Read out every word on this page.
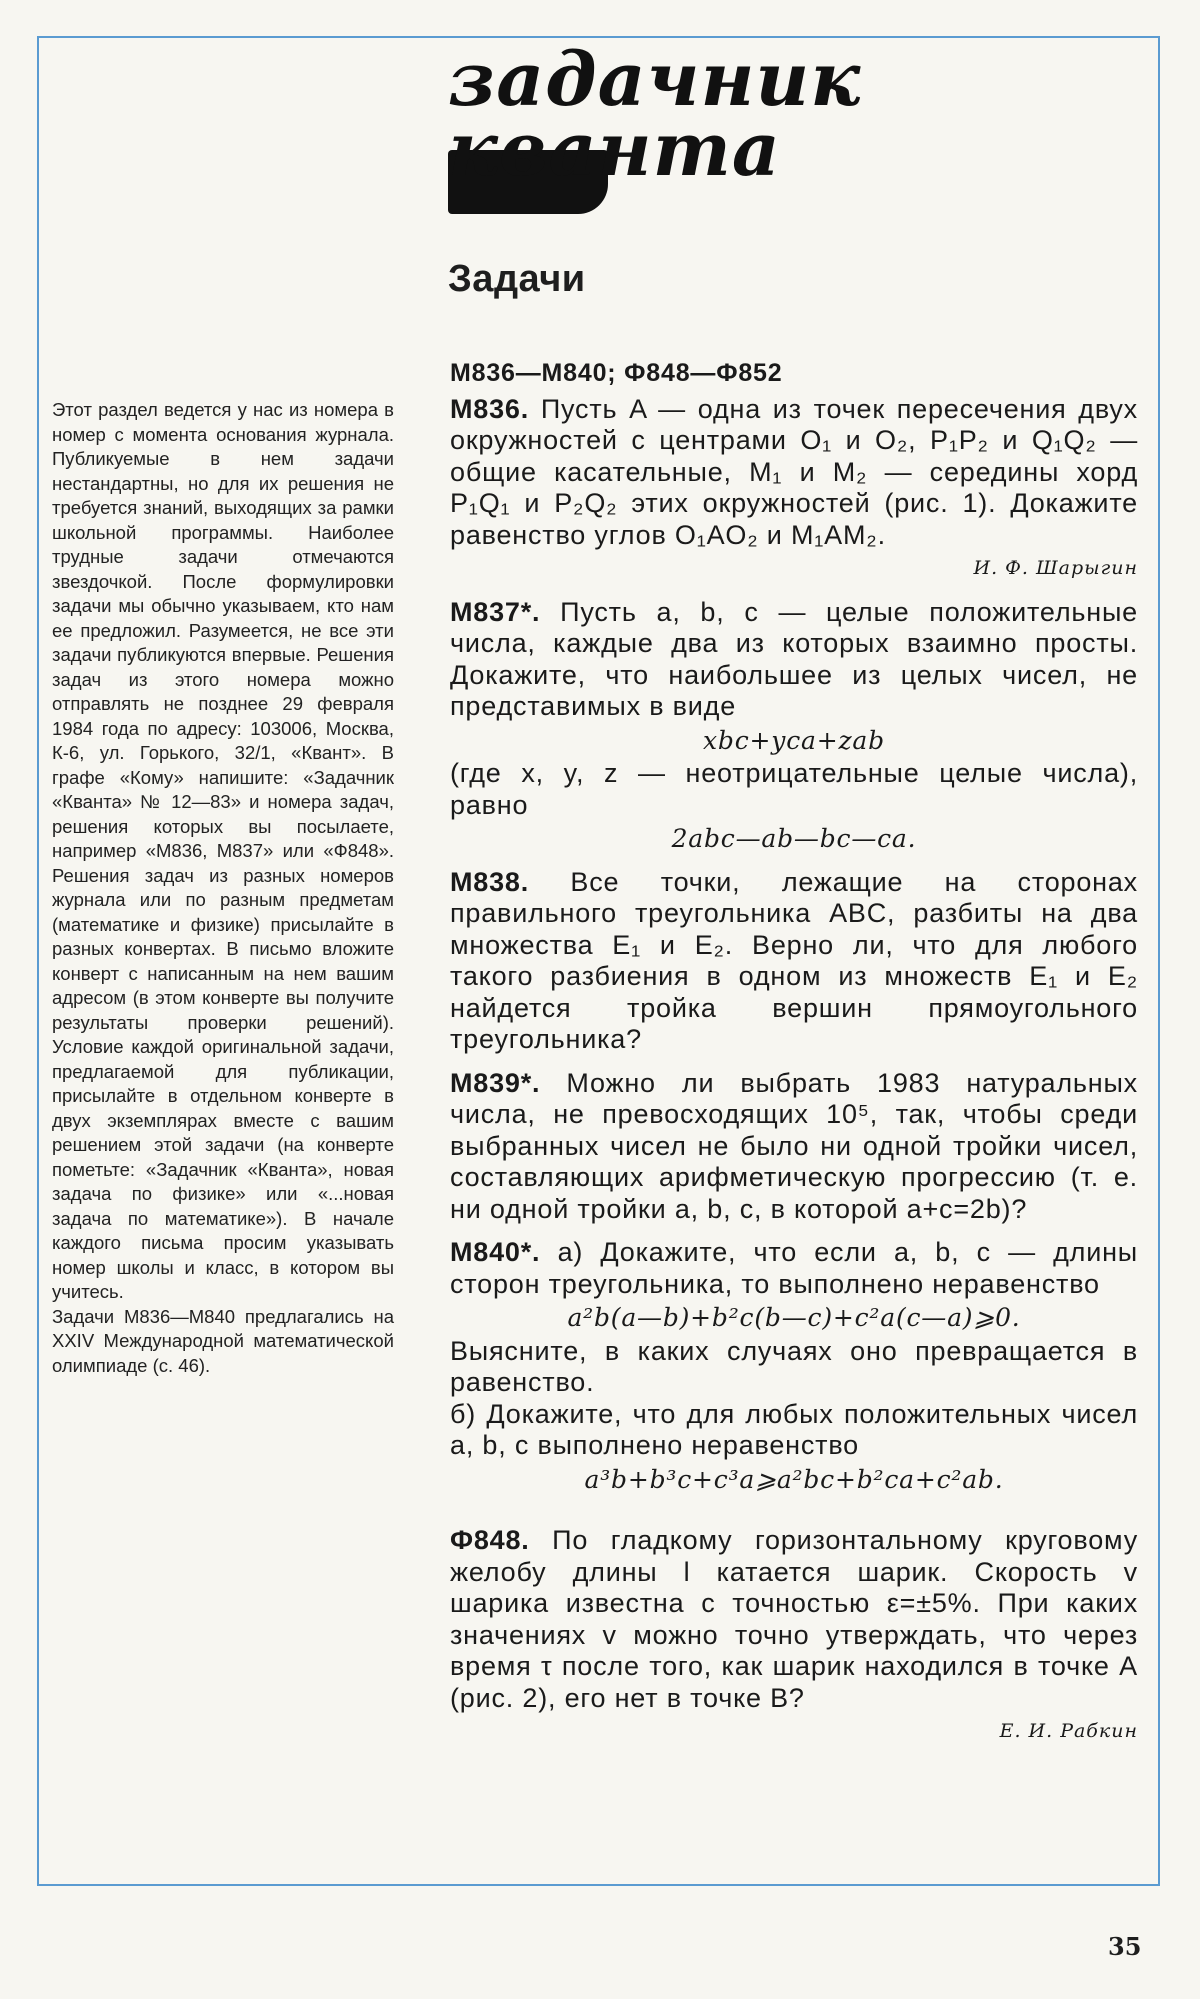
задачник
кванта
Задачи

Этот раздел ведется у нас из номера в номер с момента основания журнала. Публикуемые в нем задачи нестандартны, но для их решения не требуется знаний, выходящих за рамки школьной программы. Наиболее трудные задачи отмечаются звездочкой. После формулировки задачи мы обычно указываем, кто нам ее предложил. Разумеется, не все эти задачи публикуются впервые. Решения задач из этого номера можно отправлять не позднее 29 февраля 1984 года по адресу: 103006, Москва, К-6, ул. Горького, 32/1, «Квант». В графе «Кому» напишите: «Задачник «Кванта» № 12—83» и номера задач, решения которых вы посылаете, например «М836, М837» или «Ф848». Решения задач из разных номеров журнала или по разным предметам (математике и физике) присылайте в разных конвертах. В письмо вложите конверт с написанным на нем вашим адресом (в этом конверте вы получите результаты проверки решений). Условие каждой оригинальной задачи, предлагаемой для публикации, присылайте в отдельном конверте в двух экземплярах вместе с вашим решением этой задачи (на конверте пометьте: «Задачник «Кванта», новая задача по физике» или «...новая задача по математике»). В начале каждого письма просим указывать номер школы и класс, в котором вы учитесь.

Задачи М836—М840 предлагались на XXIV Международной математической олимпиаде (с. 46).

М836—М840; Ф848—Ф852
М836. Пусть A — одна из точек пересечения двух окружностей с центрами O₁ и O₂, P₁P₂ и Q₁Q₂ — общие касательные, M₁ и M₂ — середины хорд P₁Q₁ и P₂Q₂ этих окружностей (рис. 1). Докажите равенство углов O₁AO₂ и M₁AM₂.
И. Ф. Шарыгин
М837*. Пусть a, b, c — целые положительные числа, каждые два из которых взаимно просты. Докажите, что наибольшее из целых чисел, не представимых в виде
xbc+yca+zab
(где x, y, z — неотрицательные целые числа), равно
2abc—ab—bc—ca.
М838. Все точки, лежащие на сторонах правильного треугольника ABC, разбиты на два множества E₁ и E₂. Верно ли, что для любого такого разбиения в одном из множеств E₁ и E₂ найдется тройка вершин прямоугольного треугольника?
М839*. Можно ли выбрать 1983 натуральных числа, не превосходящих 10⁵, так, чтобы среди выбранных чисел не было ни одной тройки чисел, составляющих арифметическую прогрессию (т. е. ни одной тройки a, b, c, в которой a+c=2b)?
М840*. а) Докажите, что если a, b, c — длины сторон треугольника, то выполнено неравенство
a²b(a—b)+b²c(b—c)+c²a(c—a)⩾0.
Выясните, в каких случаях оно превращается в равенство.
б) Докажите, что для любых положительных чисел a, b, c выполнено неравенство
a³b+b³c+c³a⩾a²bc+b²ca+c²ab.
Ф848. По гладкому горизонтальному круговому желобу длины l катается шарик. Скорость v шарика известна с точностью ε=±5%. При каких значениях v можно точно утверждать, что через время τ после того, как шарик находился в точке A (рис. 2), его нет в точке B?
Е. И. Рабкин
35
